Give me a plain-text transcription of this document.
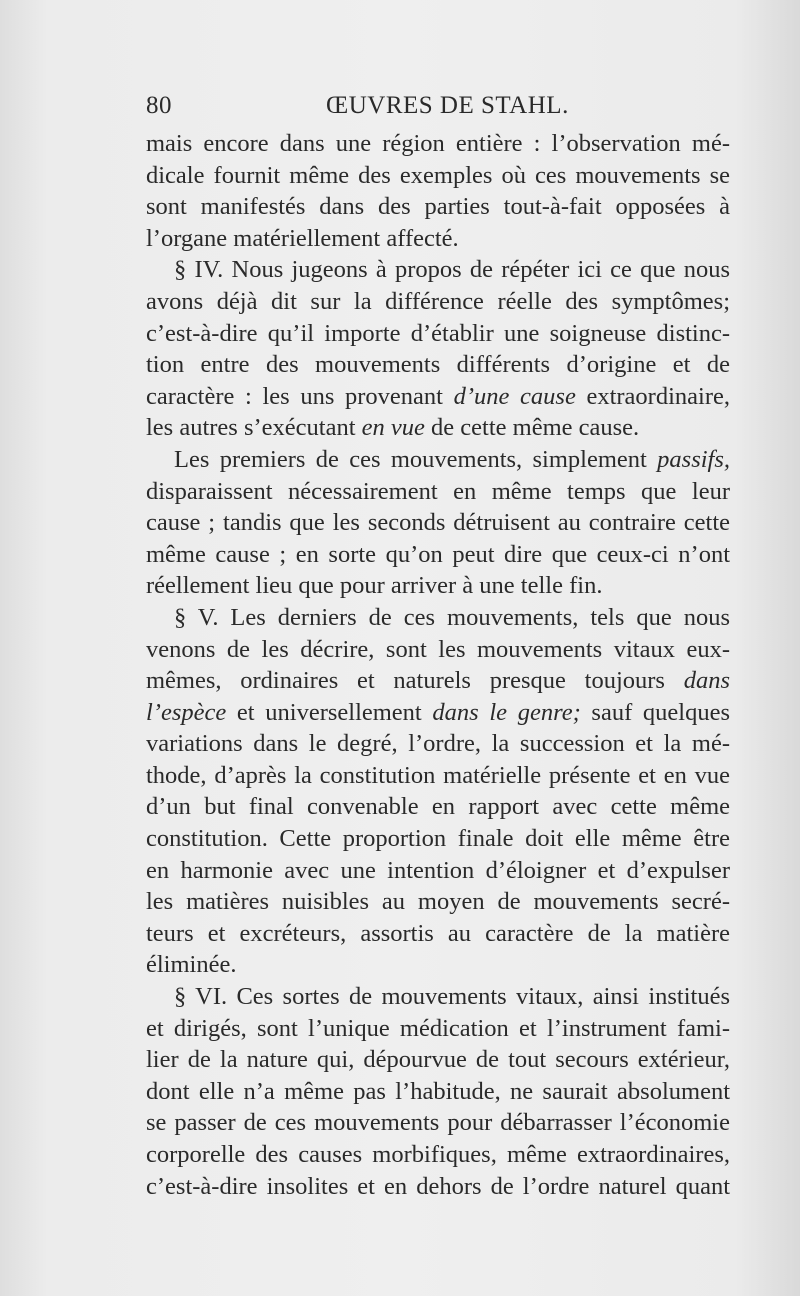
80	ŒUVRES DE STAHL.
mais encore dans une région entière : l’observation mé-
dicale fournit même des exemples où ces mouvements se
sont manifestés dans des parties tout-à-fait opposées à
l’organe matériellement affecté.
§ IV. Nous jugeons à propos de répéter ici ce que nous
avons déjà dit sur la différence réelle des symptômes;
c’est-à-dire qu’il importe d’établir une soigneuse distinc-
tion entre des mouvements différents d’origine et de
caractère : les uns provenant d’une cause extraordinaire,
les autres s’exécutant en vue de cette même cause.
Les premiers de ces mouvements, simplement passifs,
disparaissent nécessairement en même temps que leur
cause ; tandis que les seconds détruisent au contraire cette
même cause ; en sorte qu’on peut dire que ceux-ci n’ont
réellement lieu que pour arriver à une telle fin.
§ V. Les derniers de ces mouvements, tels que nous
venons de les décrire, sont les mouvements vitaux eux-
mêmes, ordinaires et naturels presque toujours dans
l’espèce et universellement dans le genre; sauf quelques
variations dans le degré, l’ordre, la succession et la mé-
thode, d’après la constitution matérielle présente et en vue
d’un but final convenable en rapport avec cette même
constitution. Cette proportion finale doit elle même être
en harmonie avec une intention d’éloigner et d’expulser
les matières nuisibles au moyen de mouvements secré-
teurs et excréteurs, assortis au caractère de la matière
éliminée.
§ VI. Ces sortes de mouvements vitaux, ainsi institués
et dirigés, sont l’unique médication et l’instrument fami-
lier de la nature qui, dépourvue de tout secours extérieur,
dont elle n’a même pas l’habitude, ne saurait absolument
se passer de ces mouvements pour débarrasser l’économie
corporelle des causes morbifiques, même extraordinaires,
c’est-à-dire insolites et en dehors de l’ordre naturel quant
